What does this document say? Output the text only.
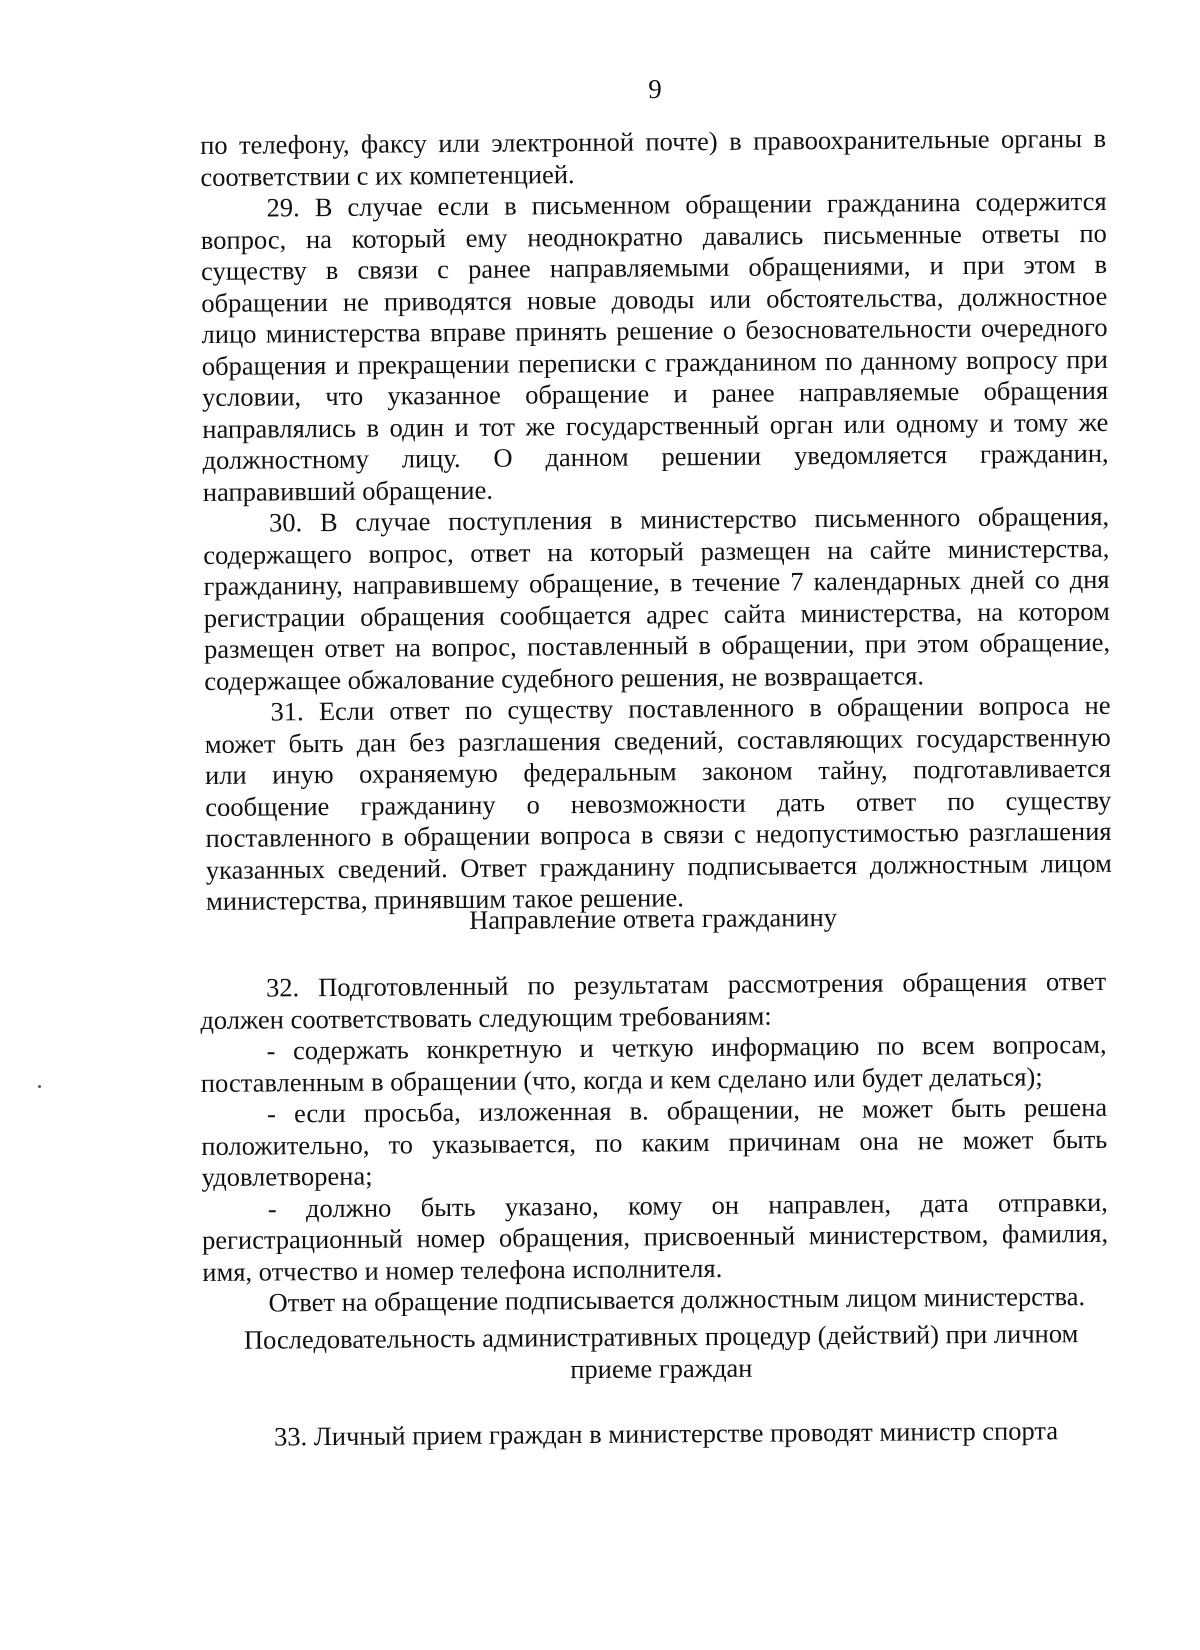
9

по телефону, факсу или электронной почте) в правоохранительные органы в соответствии с их компетенцией.

29. В случае если в письменном обращении гражданина содержится вопрос, на который ему неоднократно давались письменные ответы по существу в связи с ранее направляемыми обращениями, и при этом в обращении не приводятся новые доводы или обстоятельства, должностное лицо министерства вправе принять решение о безосновательности очередного обращения и прекращении переписки с гражданином по данному вопросу при условии, что указанное обращение и ранее направляемые обращения направлялись в один и тот же государственный орган или одному и тому же должностному лицу. О данном решении уведомляется гражданин, направивший обращение.

30. В случае поступления в министерство письменного обращения, содержащего вопрос, ответ на который размещен на сайте министерства, гражданину, направившему обращение, в течение 7 календарных дней со дня регистрации обращения сообщается адрес сайта министерства, на котором размещен ответ на вопрос, поставленный в обращении, при этом обращение, содержащее обжалование судебного решения, не возвращается.

31. Если ответ по существу поставленного в обращении вопроса не может быть дан без разглашения сведений, составляющих государственную или иную охраняемую федеральным законом тайну, подготавливается сообщение гражданину о невозможности дать ответ по существу поставленного в обращении вопроса в связи с недопустимостью разглашения указанных сведений. Ответ гражданину подписывается должностным лицом министерства, принявшим такое решение.

Направление ответа гражданину

32. Подготовленный по результатам рассмотрения обращения ответ должен соответствовать следующим требованиям:

- содержать конкретную и четкую информацию по всем вопросам, поставленным в обращении (что, когда и кем сделано или будет делаться);

- если просьба, изложенная в. обращении, не может быть решена положительно, то указывается, по каким причинам она не может быть удовлетворена;

- должно быть указано, кому он направлен, дата отправки, регистрационный номер обращения, присвоенный министерством, фамилия, имя, отчество и номер телефона исполнителя.

Ответ на обращение подписывается должностным лицом министерства.

Последовательность административных процедур (действий) при личном приеме граждан

33. Личный прием граждан в министерстве проводят министр спорта
